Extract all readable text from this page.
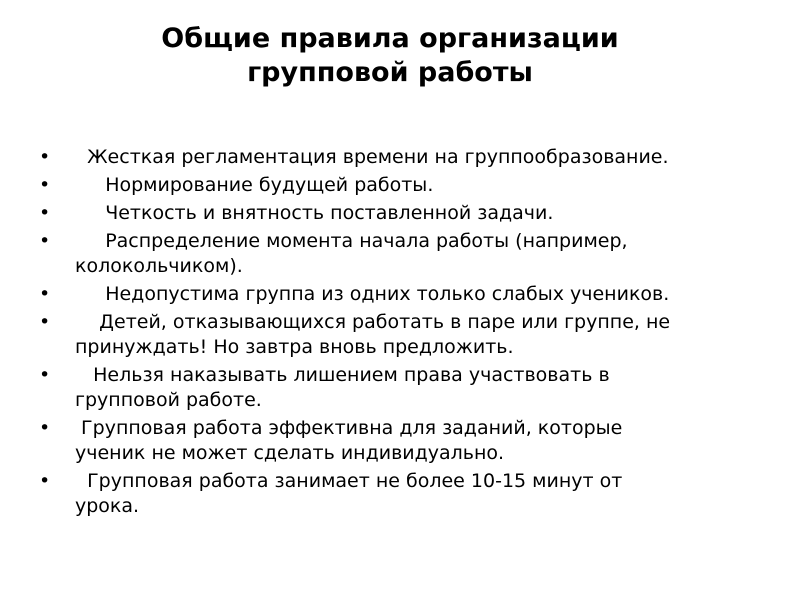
Общие правила организации
групповой работы
• Жесткая регламентация времени на группообразование.
• Нормирование будущей работы.
• Четкость и внятность поставленной задачи.
•	Распределение момента начала работы (например,
колокольчиком).
• Недопустима группа из одних только слабых учеников.
•	Детей, отказывающихся работать в паре или группе, не
принуждать! Но завтра вновь предложить.
• Нельзя наказывать лишением права участвовать в
групповой работе.
• Групповая работа эффективна для заданий, которые
ученик не может сделать индивидуально.
• Групповая работа занимает не более 10-15 минут от
урока.
